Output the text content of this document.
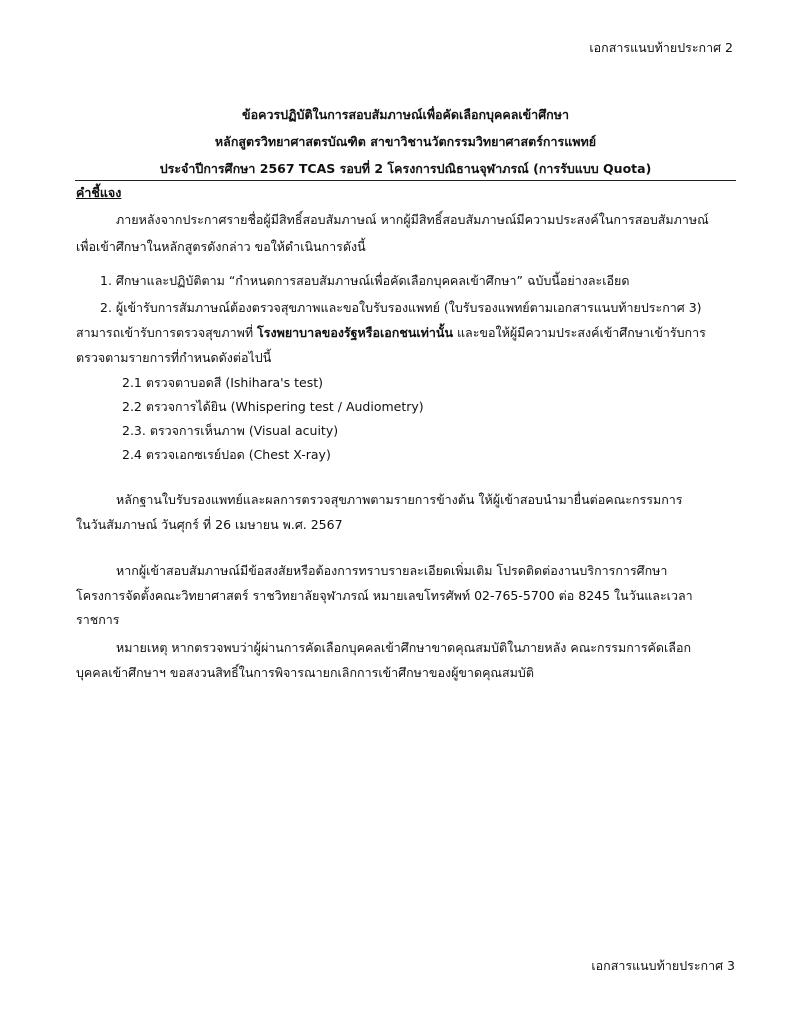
เอกสารแนบท้ายประกาศ 2
ข้อควรปฏิบัติในการสอบสัมภาษณ์เพื่อคัดเลือกบุคคลเข้าศึกษา
หลักสูตรวิทยาศาสตรบัณฑิต สาขาวิชานวัตกรรมวิทยาศาสตร์การแพทย์
ประจำปีการศึกษา 2567 TCAS รอบที่ 2 โครงการปณิธานจุฬาภรณ์ (การรับแบบ Quota)
คำชี้แจง
ภายหลังจากประกาศรายชื่อผู้มีสิทธิ์สอบสัมภาษณ์ หากผู้มีสิทธิ์สอบสัมภาษณ์มีความประสงค์ในการสอบสัมภาษณ์
เพื่อเข้าศึกษาในหลักสูตรดังกล่าว ขอให้ดำเนินการดังนี้
1. ศึกษาและปฏิบัติตาม “กำหนดการสอบสัมภาษณ์เพื่อคัดเลือกบุคคลเข้าศึกษา” ฉบับนี้อย่างละเอียด
2. ผู้เข้ารับการสัมภาษณ์ต้องตรวจสุขภาพและขอใบรับรองแพทย์ (ใบรับรองแพทย์ตามเอกสารแนบท้ายประกาศ 3)
สามารถเข้ารับการตรวจสุขภาพที่ โรงพยาบาลของรัฐหรือเอกชนเท่านั้น และขอให้ผู้มีความประสงค์เข้าศึกษาเข้ารับการ
ตรวจตามรายการที่กำหนดดังต่อไปนี้
2.1 ตรวจตาบอดสี (Ishihara's test)
2.2 ตรวจการได้ยิน (Whispering test / Audiometry)
2.3. ตรวจการเห็นภาพ (Visual acuity)
2.4 ตรวจเอกซเรย์ปอด (Chest X-ray)
หลักฐานใบรับรองแพทย์และผลการตรวจสุขภาพตามรายการข้างต้น ให้ผู้เข้าสอบนำมายื่นต่อคณะกรรมการ
ในวันสัมภาษณ์ วันศุกร์ ที่ 26 เมษายน พ.ศ. 2567
หากผู้เข้าสอบสัมภาษณ์มีข้อสงสัยหรือต้องการทราบรายละเอียดเพิ่มเติม โปรดติดต่องานบริการการศึกษา
โครงการจัดตั้งคณะวิทยาศาสตร์ ราชวิทยาลัยจุฬาภรณ์ หมายเลขโทรศัพท์ 02-765-5700 ต่อ 8245 ในวันและเวลา
ราชการ
หมายเหตุ หากตรวจพบว่าผู้ผ่านการคัดเลือกบุคคลเข้าศึกษาขาดคุณสมบัติในภายหลัง คณะกรรมการคัดเลือก
บุคคลเข้าศึกษาฯ ขอสงวนสิทธิ์ในการพิจารณายกเลิกการเข้าศึกษาของผู้ขาดคุณสมบัติ
เอกสารแนบท้ายประกาศ 3
